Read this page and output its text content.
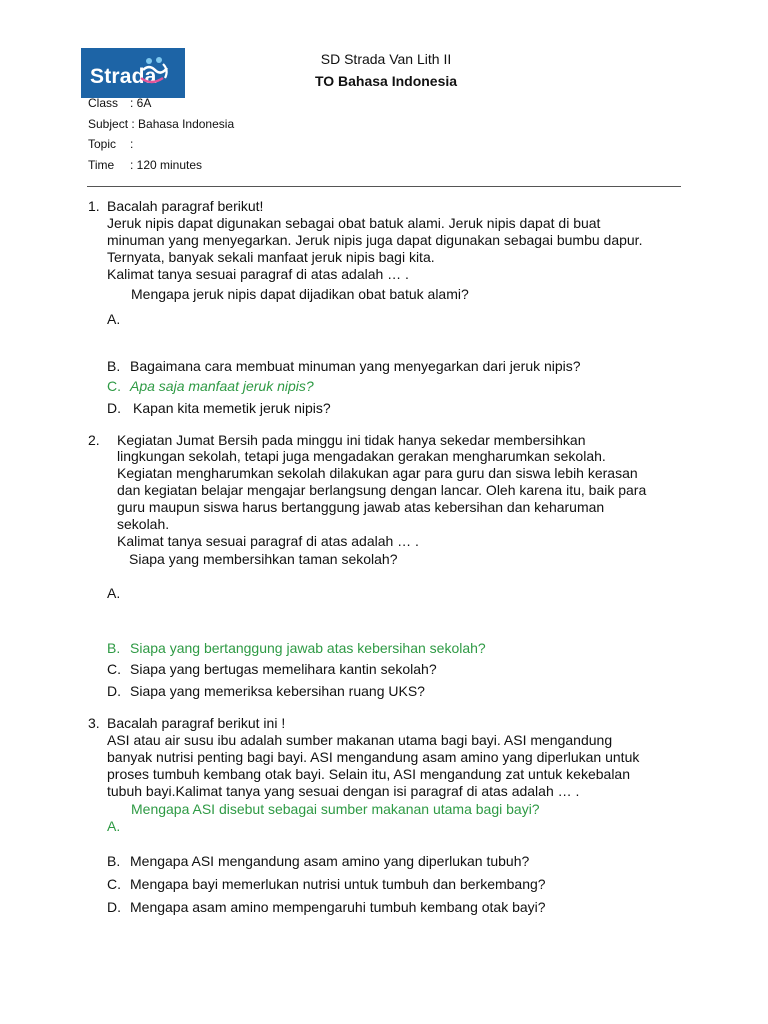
Strada
SD Strada Van Lith II
TO Bahasa Indonesia
Class : 6A
Subject : Bahasa Indonesia
Topic :
Time : 120 minutes
1. Bacalah paragraf berikut!
Jeruk nipis dapat digunakan sebagai obat batuk alami. Jeruk nipis dapat di buat
minuman yang menyegarkan. Jeruk nipis juga dapat digunakan sebagai bumbu dapur.
Ternyata, banyak sekali manfaat jeruk nipis bagi kita.
Kalimat tanya sesuai paragraf di atas adalah … .
Mengapa jeruk nipis dapat dijadikan obat batuk alami?
A.
B. Bagaimana cara membuat minuman yang menyegarkan dari jeruk nipis?
C. Apa saja manfaat jeruk nipis?
D. Kapan kita memetik jeruk nipis?
2. Kegiatan Jumat Bersih pada minggu ini tidak hanya sekedar membersihkan
lingkungan sekolah, tetapi juga mengadakan gerakan mengharumkan sekolah.
Kegiatan mengharumkan sekolah dilakukan agar para guru dan siswa lebih kerasan
dan kegiatan belajar mengajar berlangsung dengan lancar. Oleh karena itu, baik para
guru maupun siswa harus bertanggung jawab atas kebersihan dan keharuman
sekolah.
Kalimat tanya sesuai paragraf di atas adalah … .
Siapa yang membersihkan taman sekolah?
A.
B. Siapa yang bertanggung jawab atas kebersihan sekolah?
C. Siapa yang bertugas memelihara kantin sekolah?
D. Siapa yang memeriksa kebersihan ruang UKS?
3. Bacalah paragraf berikut ini !
ASI atau air susu ibu adalah sumber makanan utama bagi bayi. ASI mengandung
banyak nutrisi penting bagi bayi. ASI mengandung asam amino yang diperlukan untuk
proses tumbuh kembang otak bayi. Selain itu, ASI mengandung zat untuk kekebalan
tubuh bayi.Kalimat tanya yang sesuai dengan isi paragraf di atas adalah … .
Mengapa ASI disebut sebagai sumber makanan utama bagi bayi?
A.
B. Mengapa ASI mengandung asam amino yang diperlukan tubuh?
C. Mengapa bayi memerlukan nutrisi untuk tumbuh dan berkembang?
D. Mengapa asam amino mempengaruhi tumbuh kembang otak bayi?
